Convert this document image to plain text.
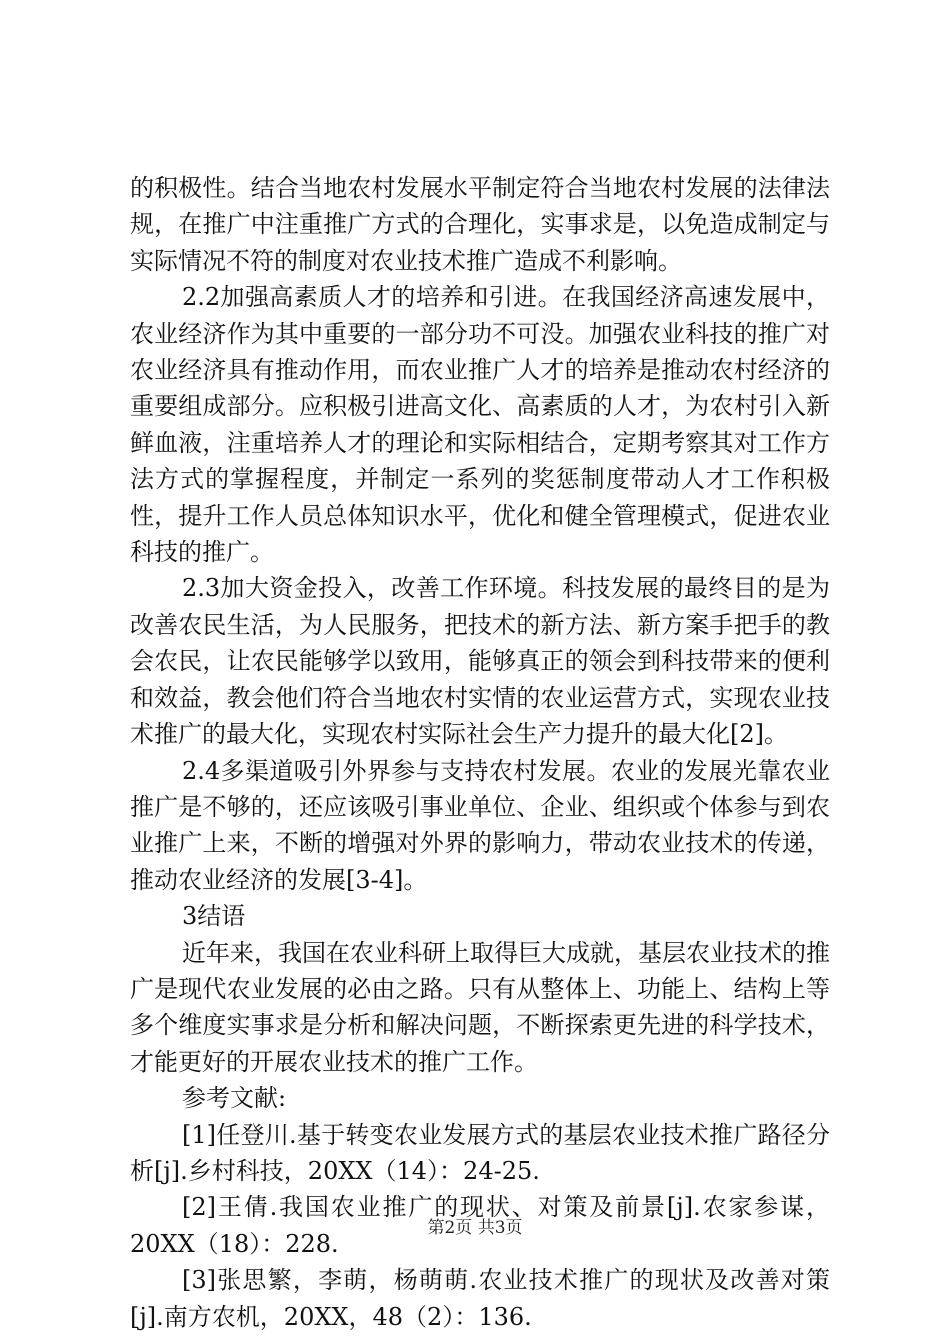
的积极性。结合当地农村发展水平制定符合当地农村发展的法律法规，在推广中注重推广方式的合理化，实事求是，以免造成制定与实际情况不符的制度对农业技术推广造成不利影响。

2.2加强高素质人才的培养和引进。在我国经济高速发展中，农业经济作为其中重要的一部分功不可没。加强农业科技的推广对农业经济具有推动作用，而农业推广人才的培养是推动农村经济的重要组成部分。应积极引进高文化、高素质的人才，为农村引入新鲜血液，注重培养人才的理论和实际相结合，定期考察其对工作方法方式的掌握程度，并制定一系列的奖惩制度带动人才工作积极性，提升工作人员总体知识水平，优化和健全管理模式，促进农业科技的推广。

2.3加大资金投入，改善工作环境。科技发展的最终目的是为改善农民生活，为人民服务，把技术的新方法、新方案手把手的教会农民，让农民能够学以致用，能够真正的领会到科技带来的便利和效益，教会他们符合当地农村实情的农业运营方式，实现农业技术推广的最大化，实现农村实际社会生产力提升的最大化[2]。

2.4多渠道吸引外界参与支持农村发展。农业的发展光靠农业推广是不够的，还应该吸引事业单位、企业、组织或个体参与到农业推广上来，不断的增强对外界的影响力，带动农业技术的传递，推动农业经济的发展[3-4]。

3结语

近年来，我国在农业科研上取得巨大成就，基层农业技术的推广是现代农业发展的必由之路。只有从整体上、功能上、结构上等多个维度实事求是分析和解决问题，不断探索更先进的科学技术，才能更好的开展农业技术的推广工作。

参考文献:

[1]任登川.基于转变农业发展方式的基层农业技术推广路径分析[j].乡村科技，20XX（14）：24-25.

[2]王倩.我国农业推广的现状、对策及前景[j].农家参谋，20XX（18）：228.

[3]张思繁，李萌，杨萌萌.农业技术推广的现状及改善对策[j].南方农机，20XX，48（2）：136.

第2页 共3页
